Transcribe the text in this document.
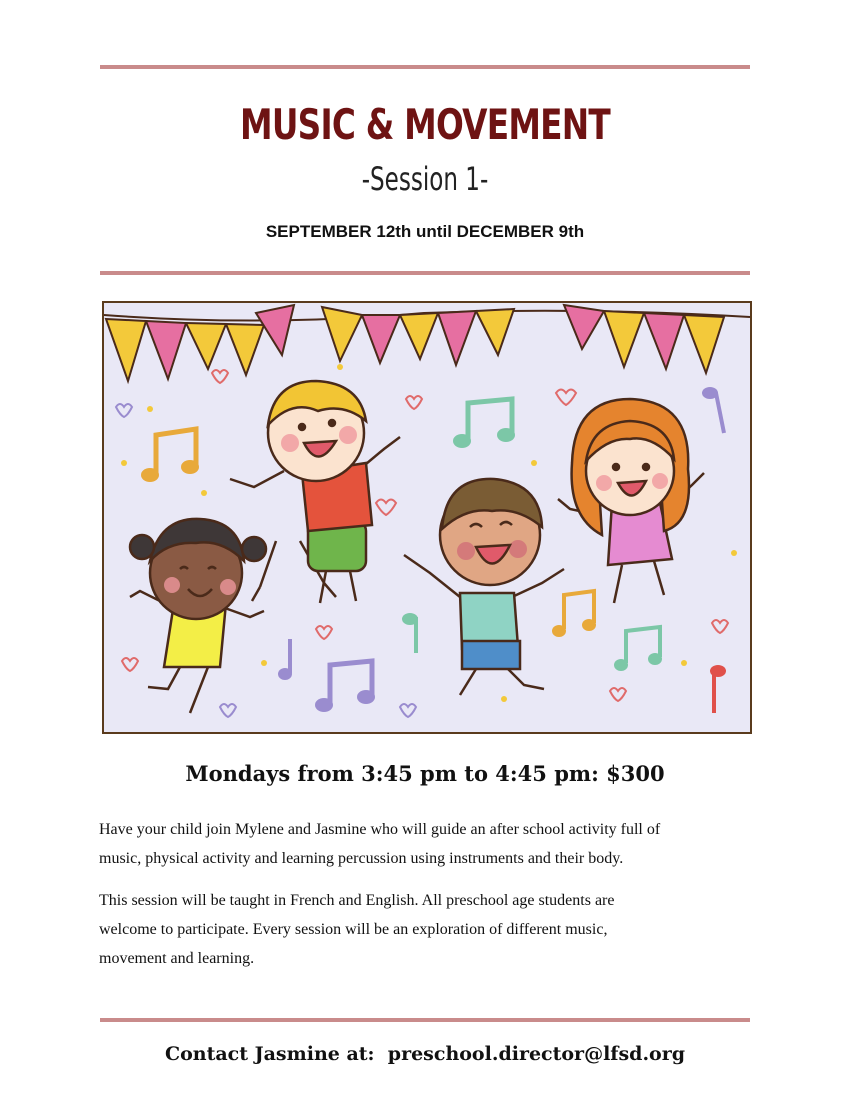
MUSIC & MOVEMENT
-Session 1-
SEPTEMBER 12th until DECEMBER 9th
Mondays from 3:45 pm to 4:45 pm: $300
Have your child join Mylene and Jasmine who will guide an after school activity full of
music, physical activity and learning percussion using instruments and their body.
This session will be taught in French and English. All preschool age students are
welcome to participate. Every session will be an exploration of different music,
movement and learning.
Contact Jasmine at: preschool.director@lfsd.org
